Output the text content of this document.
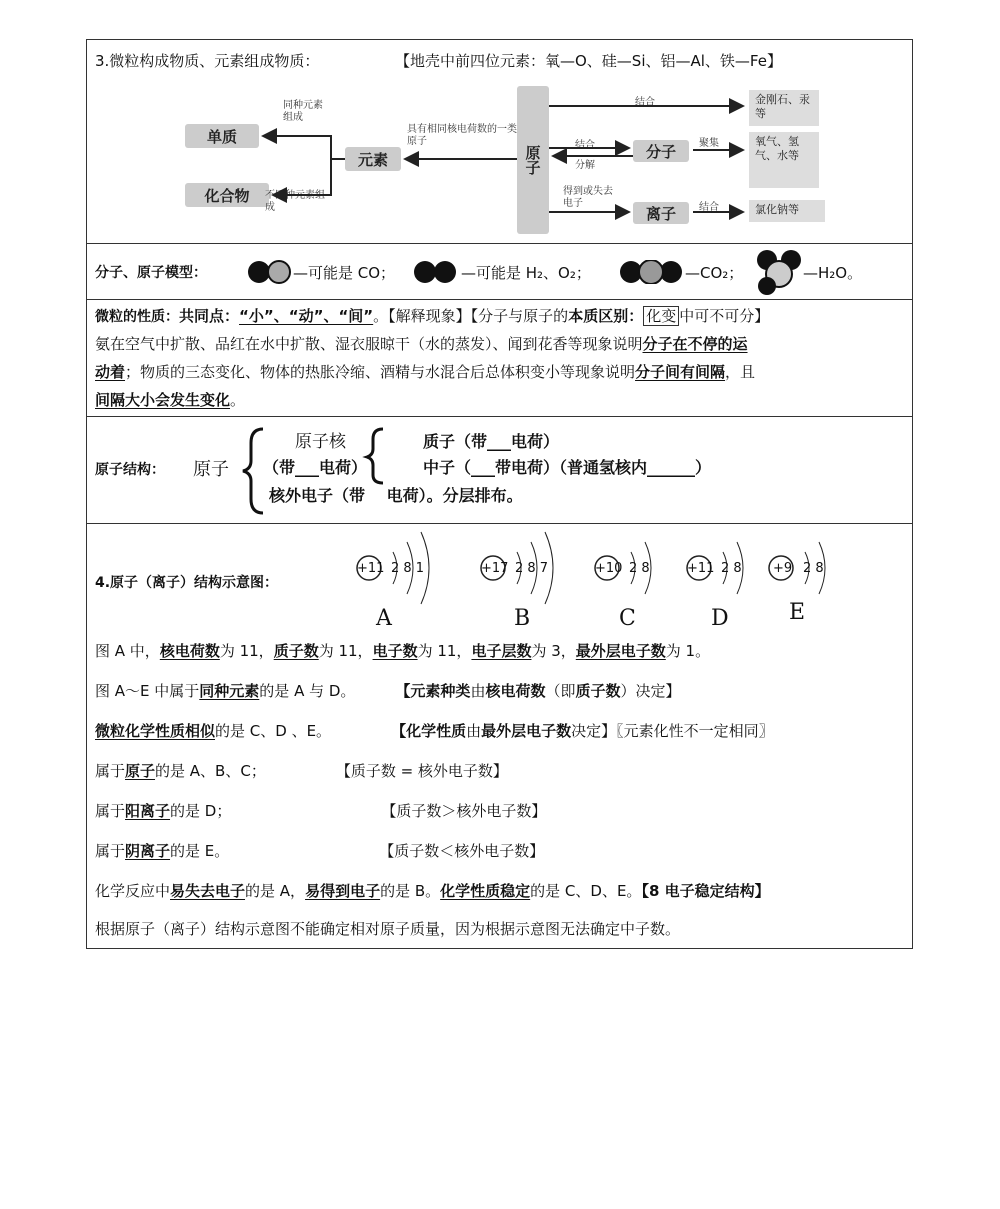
3.微粒构成物质、元素组成物质：	【地壳中前四位元素：氧—O、硅—Si、铝—Al、铁—Fe】
单质
化合物
元素	原子	分子
离子
金刚石、汞等
氧气、氢气、水等
氯化钠等
同种元素组成
不同种元素组成
具有相同核电荷数的一类原子
结合
结合
分解
聚集
得到或失去电子	结合
分子、原子模型：	—可能是 CO；	—可能是 H₂、O₂；	—CO₂；	—H₂O。
微粒的性质：共同点：“小”、“动”、“间”。【解释现象】【分子与原子的本质区别： 化变 中可不可分】
氨在空气中扩散、品红在水中扩散、湿衣服晾干（水的蒸发）、闻到花香等现象说明分子在不停的运
动着；物质的三态变化、物体的热胀冷缩、酒精与水混合后总体积变小等现象说明分子间有间隔，且
间隔大小会发生变化。
原子结构： 原子
原子核
（带___电荷）
质子（带___电荷）
中子（___带电荷）（普通氢核内______）
核外电子（带　 电荷）。分层排布。
4.原子（离子）结构示意图：
+11 2 8 1
A
+17 2 8 7
B
+10 2 8
C
+11 2 8
D
+9 2 8
E
图 A 中，核电荷数为 11，质子数为 11，电子数为 11，电子层数为 3，最外层电子数为 1。
图 A～E 中属于同种元素的是 A 与 D。	【元素种类由核电荷数（即质子数）决定】
微粒化学性质相似的是 C、D 、E。	【化学性质由最外层电子数决定】〖元素化性不一定相同〗
属于原子的是 A、B、C；	【质子数 = 核外电子数】
属于阳离子的是 D；	【质子数＞核外电子数】
属于阴离子的是 E。	【质子数＜核外电子数】
化学反应中易失去电子的是 A，易得到电子的是 B。化学性质稳定的是 C、D、E。【8 电子稳定结构】
根据原子（离子）结构示意图不能确定相对原子质量，因为根据示意图无法确定中子数。
